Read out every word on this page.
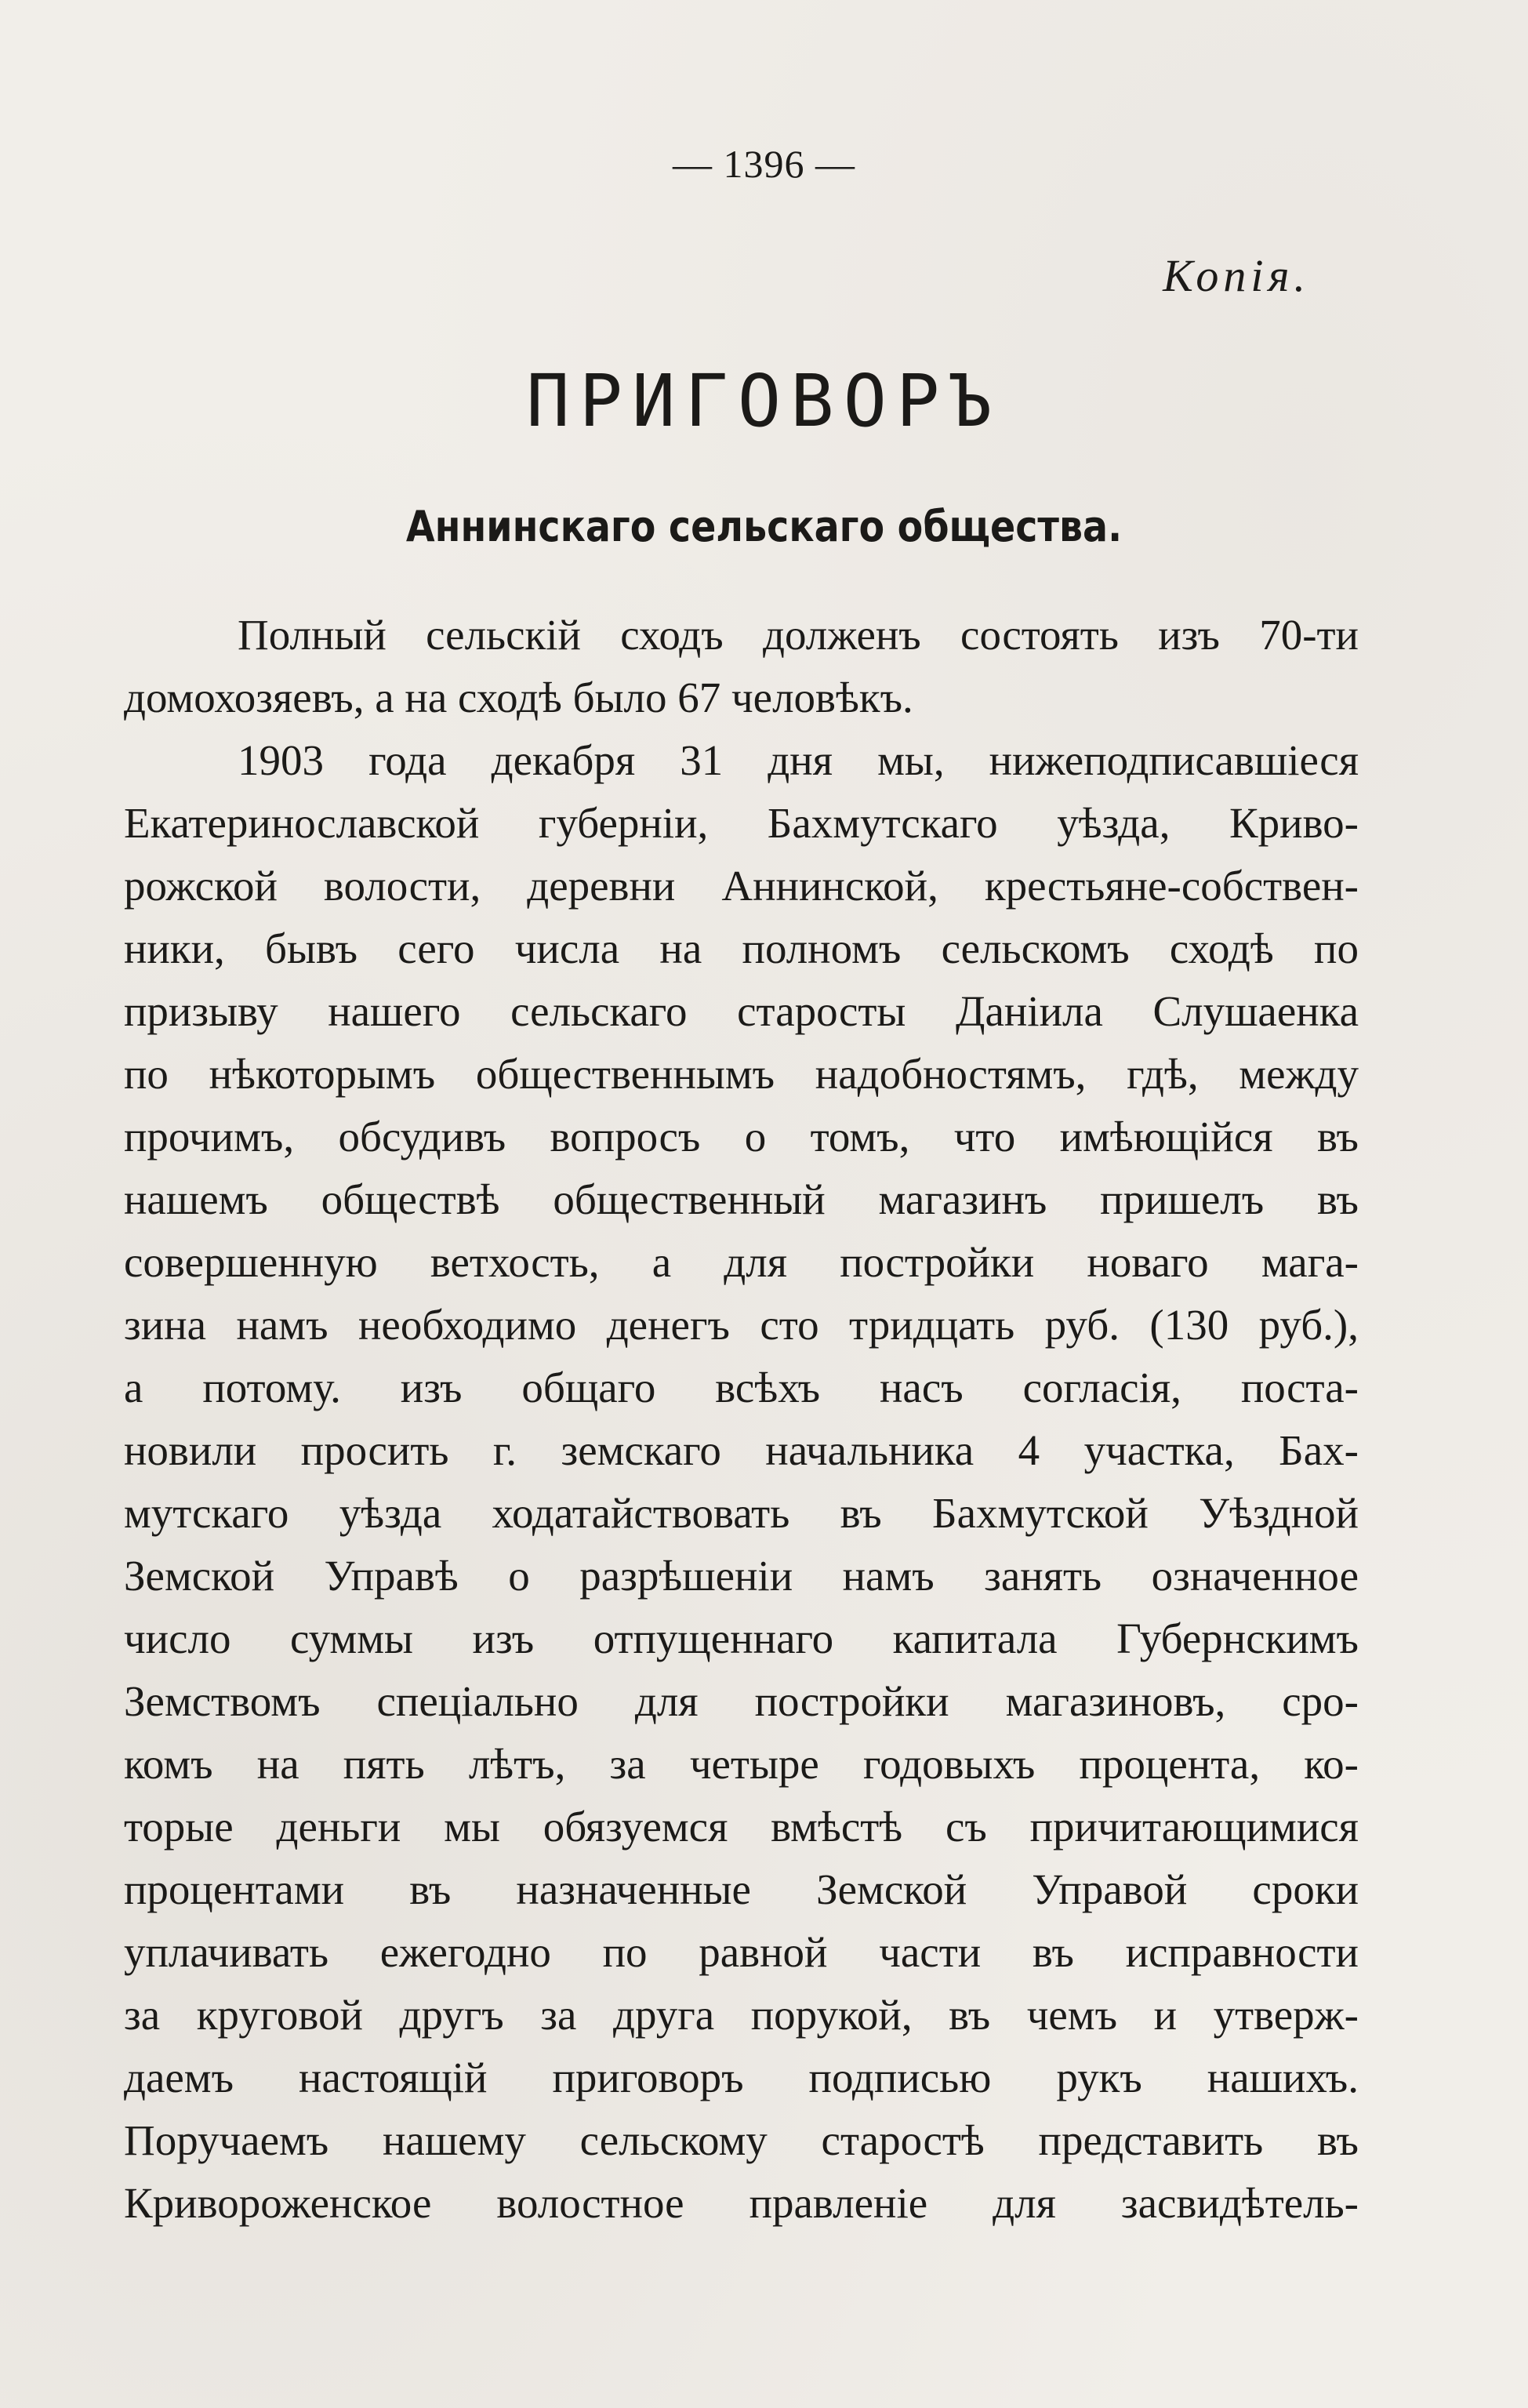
— 1396 —
Копiя.
ПРИГОВОРЪ
Аннинскаго сельскаго общества.
Полный сельскiй сходъ долженъ состоять изъ 70-ти
домохозяевъ, а на сходѣ было 67 человѣкъ.
1903 года декабря 31 дня мы, нижеподписавшiеся
Екатеринославской губернiи, Бахмутскаго уѣзда, Криво-
рожской волости, деревни Аннинской, крестьяне-собствен-
ники, бывъ сего числа на полномъ сельскомъ сходѣ по
призыву нашего сельскаго старосты Данiила Слушаенка
по нѣкоторымъ общественнымъ надобностямъ, гдѣ, между
прочимъ, обсудивъ вопросъ о томъ, что имѣющiйся въ
нашемъ обществѣ общественный магазинъ пришелъ въ
совершенную ветхость, а для постройки новаго мага-
зина намъ необходимо денегъ сто тридцать руб. (130 руб.),
а потому. изъ общаго всѣхъ насъ согласiя, поста-
новили просить г. земскаго начальника 4 участка, Бах-
мутскаго уѣзда ходатайствовать въ Бахмутской Уѣздной
Земской Управѣ о разрѣшенiи намъ занять означенное
число суммы изъ отпущеннаго капитала Губернскимъ
Земствомъ спецiально для постройки магазиновъ, сро-
комъ на пять лѣтъ, за четыре годовыхъ процента, ко-
торые деньги мы обязуемся вмѣстѣ съ причитающимися
процентами въ назначенные Земской Управой сроки
уплачивать ежегодно по равной части въ исправности
за круговой другъ за друга порукой, въ чемъ и утверж-
даемъ настоящiй приговоръ подписью рукъ нашихъ.
Поручаемъ нашему сельскому старостѣ представить въ
Кривороженское волостное правленiе для засвидѣтель-
